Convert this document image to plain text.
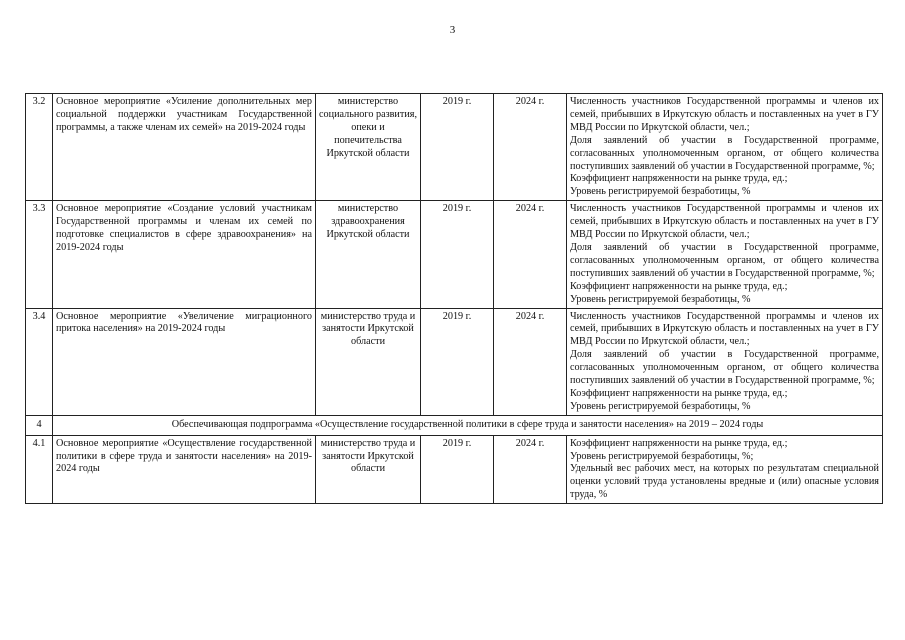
3
3.2	Основное мероприятие «Усиление дополнительных мер социальной поддержки участникам Государственной программы, а также членам их семей» на 2019-2024 годы	министерство социального развития, опеки и попечительства Иркутской области	2019 г.	2024 г.	Численность участников Государственной программы и членов их семей, прибывших в Иркутскую область и поставленных на учет в ГУ МВД России по Иркутской области, чел.;
Доля заявлений об участии в Государственной программе, согласованных уполномоченным органом, от общего количества поступивших заявлений об участии в Государственной программе, %;
Коэффициент напряженности на рынке труда, ед.;
Уровень регистрируемой безработицы, %

3.3	Основное мероприятие «Создание условий участникам Государственной программы и членам их семей по подготовке специалистов в сфере здравоохранения» на 2019-2024 годы	министерство здравоохранения Иркутской области	2019 г.	2024 г.	Численность участников Государственной программы и членов их семей, прибывших в Иркутскую область и поставленных на учет в ГУ МВД России по Иркутской области, чел.;
Доля заявлений об участии в Государственной программе, согласованных уполномоченным органом, от общего количества поступивших заявлений об участии в Государственной программе, %;
Коэффициент напряженности на рынке труда, ед.;
Уровень регистрируемой безработицы, %

3.4	Основное мероприятие «Увеличение миграционного притока населения» на 2019-2024 годы	министерство труда и занятости Иркутской области	2019 г.	2024 г.	Численность участников Государственной программы и членов их семей, прибывших в Иркутскую область и поставленных на учет в ГУ МВД России по Иркутской области, чел.;
Доля заявлений об участии в Государственной программе, согласованных уполномоченным органом, от общего количества поступивших заявлений об участии в Государственной программе, %;
Коэффициент напряженности на рынке труда, ед.;
Уровень регистрируемой безработицы, %

4	Обеспечивающая подпрограмма «Осуществление государственной политики в сфере труда и занятости населения» на 2019 – 2024 годы				
4.1	Основное мероприятие «Осуществление государственной политики в сфере труда и занятости населения» на 2019-2024 годы	министерство труда и занятости Иркутской области	2019 г.	2024 г.	Коэффициент напряженности на рынке труда, ед.;
Уровень регистрируемой безработицы, %;
Удельный вес рабочих мест, на которых по результатам специальной оценки условий труда установлены вредные и (или) опасные условия труда, %
